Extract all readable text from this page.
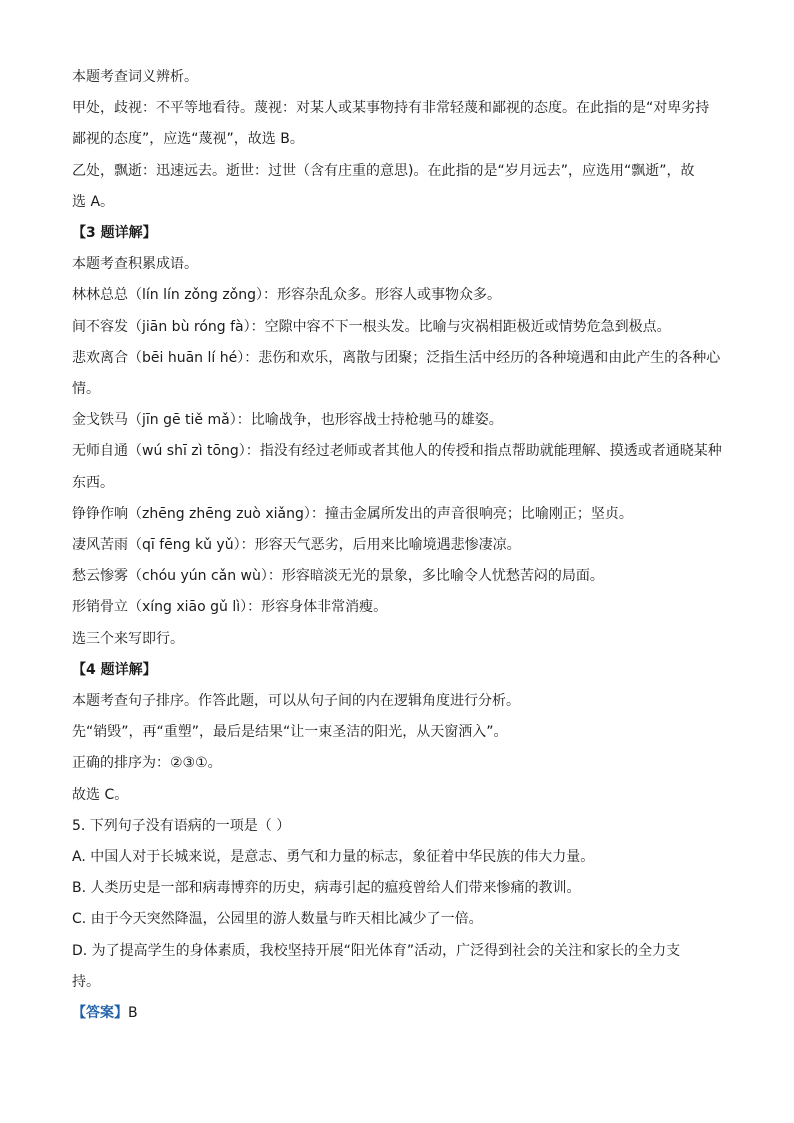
本题考查词义辨析。

甲处，歧视：不平等地看待。蔑视：对某人或某事物持有非常轻蔑和鄙视的态度。在此指的是“对卑劣持

鄙视的态度”，应选“蔑视”，故选 B。

乙处，飘逝：迅速远去。逝世：过世（含有庄重的意思)。在此指的是“岁月远去”，应选用“飘逝”，故

选 A。

【3 题详解】

本题考查积累成语。

林林总总（lín lín zǒng zǒng）：形容杂乱众多。形容人或事物众多。

间不容发（jiān bù róng fà）：空隙中容不下一根头发。比喻与灾祸相距极近或情势危急到极点。

悲欢离合（bēi huān lí hé）：悲伤和欢乐，离散与团聚；泛指生活中经历的各种境遇和由此产生的各种心

情。

金戈铁马（jīn gē tiě mǎ）：比喻战争，也形容战士持枪驰马的雄姿。

无师自通（wú shī zì tōng）：指没有经过老师或者其他人的传授和指点帮助就能理解、摸透或者通晓某种

东西。

铮铮作响（zhēng zhēng zuò xiǎng）：撞击金属所发出的声音很响亮；比喻刚正；坚贞。

凄风苦雨（qī fēng kǔ yǔ）：形容天气恶劣，后用来比喻境遇悲惨凄凉。

愁云惨雾（chóu yún cǎn wù）：形容暗淡无光的景象，多比喻令人忧愁苦闷的局面。

形销骨立（xíng xiāo gǔ lì）：形容身体非常消瘦。

选三个来写即行。

【4 题详解】

本题考查句子排序。作答此题，可以从句子间的内在逻辑角度进行分析。

先“销毁”，再“重塑”，最后是结果“让一束圣洁的阳光，从天窗洒入”。

正确的排序为：②③①。

故选 C。

5. 下列句子没有语病的一项是（ ）

A. 中国人对于长城来说，是意志、勇气和力量的标志，象征着中华民族的伟大力量。

B. 人类历史是一部和病毒博弈的历史，病毒引起的瘟疫曾给人们带来惨痛的教训。

C. 由于今天突然降温，公园里的游人数量与昨天相比减少了一倍。

D. 为了提高学生的身体素质，我校坚持开展“阳光体育”活动，广泛得到社会的关注和家长的全力支

持。

【答案】B
